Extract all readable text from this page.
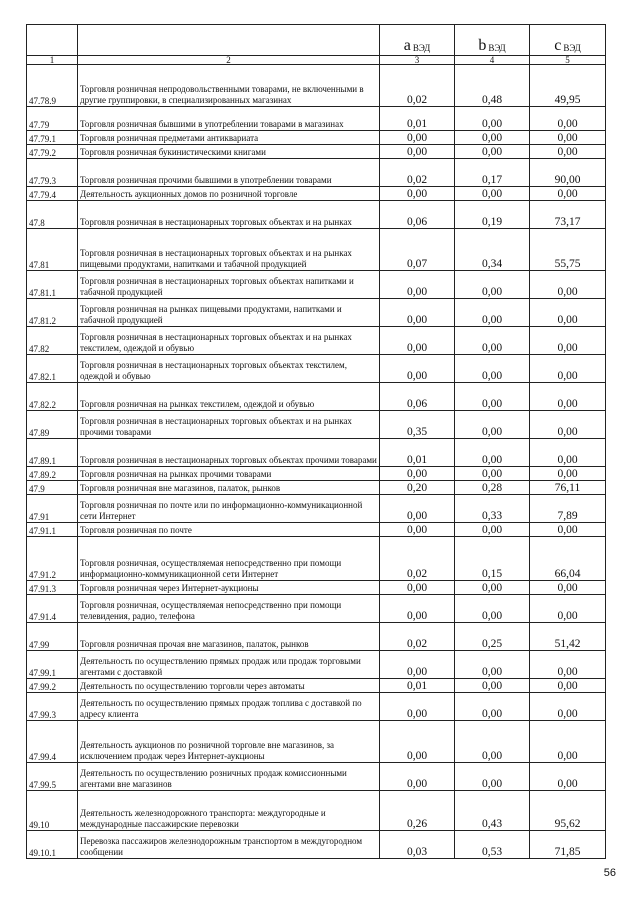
		a ВЭД	b ВЭД	c ВЭД
1	2	3	4	5
47.78.9	Торговля розничная непродовольственными товарами, не включенными в другие группировки, в специализированных магазинах	0,02	0,48	49,95
47.79	Торговля розничная бывшими в употреблении товарами в магазинах	0,01	0,00	0,00
47.79.1	Торговля розничная предметами антиквариата	0,00	0,00	0,00
47.79.2	Торговля розничная букинистическими книгами	0,00	0,00	0,00
47.79.3	Торговля розничная прочими бывшими в употреблении товарами	0,02	0,17	90,00
47.79.4	Деятельность аукционных домов по розничной торговле	0,00	0,00	0,00
47.8	Торговля розничная в нестационарных торговых объектах и на рынках	0,06	0,19	73,17
47.81	Торговля розничная в нестационарных торговых объектах и на рынках пищевыми продуктами, напитками и табачной продукцией	0,07	0,34	55,75
47.81.1	Торговля розничная в нестационарных торговых объектах напитками и табачной продукцией	0,00	0,00	0,00
47.81.2	Торговля розничная на рынках пищевыми продуктами, напитками и табачной продукцией	0,00	0,00	0,00
47.82	Торговля розничная в нестационарных торговых объектах и на рынках текстилем, одеждой и обувью	0,00	0,00	0,00
47.82.1	Торговля розничная в нестационарных торговых объектах текстилем, одеждой и обувью	0,00	0,00	0,00
47.82.2	Торговля розничная на рынках текстилем, одеждой и обувью	0,06	0,00	0,00
47.89	Торговля розничная в нестационарных торговых объектах и на рынках прочими товарами	0,35	0,00	0,00
47.89.1	Торговля розничная в нестационарных торговых объектах прочими товарами	0,01	0,00	0,00
47.89.2	Торговля розничная на рынках прочими товарами	0,00	0,00	0,00
47.9	Торговля розничная вне магазинов, палаток, рынков	0,20	0,28	76,11
47.91	Торговля розничная по почте или по информационно-коммуникационной сети Интернет	0,00	0,33	7,89
47.91.1	Торговля розничная по почте	0,00	0,00	0,00
47.91.2	Торговля розничная, осуществляемая непосредственно при помощи информационно-коммуникационной сети Интернет	0,02	0,15	66,04
47.91.3	Торговля розничная через Интернет-аукционы	0,00	0,00	0,00
47.91.4	Торговля розничная, осуществляемая непосредственно при помощи телевидения, радио, телефона	0,00	0,00	0,00
47.99	Торговля розничная прочая вне магазинов, палаток, рынков	0,02	0,25	51,42
47.99.1	Деятельность по осуществлению прямых продаж или продаж торговыми агентами с доставкой	0,00	0,00	0,00
47.99.2	Деятельность по осуществлению торговли через автоматы	0,01	0,00	0,00
47.99.3	Деятельность по осуществлению прямых продаж топлива с доставкой по адресу клиента	0,00	0,00	0,00
47.99.4	Деятельность аукционов по розничной торговле вне магазинов, за исключением продаж через Интернет-аукционы	0,00	0,00	0,00
47.99.5	Деятельность по осуществлению розничных продаж комиссионными агентами вне магазинов	0,00	0,00	0,00
49.10	Деятельность железнодорожного транспорта: междугородные и международные пассажирские перевозки	0,26	0,43	95,62
49.10.1	Перевозка пассажиров железнодорожным транспортом в междугородном сообщении	0,03	0,53	71,85
56
